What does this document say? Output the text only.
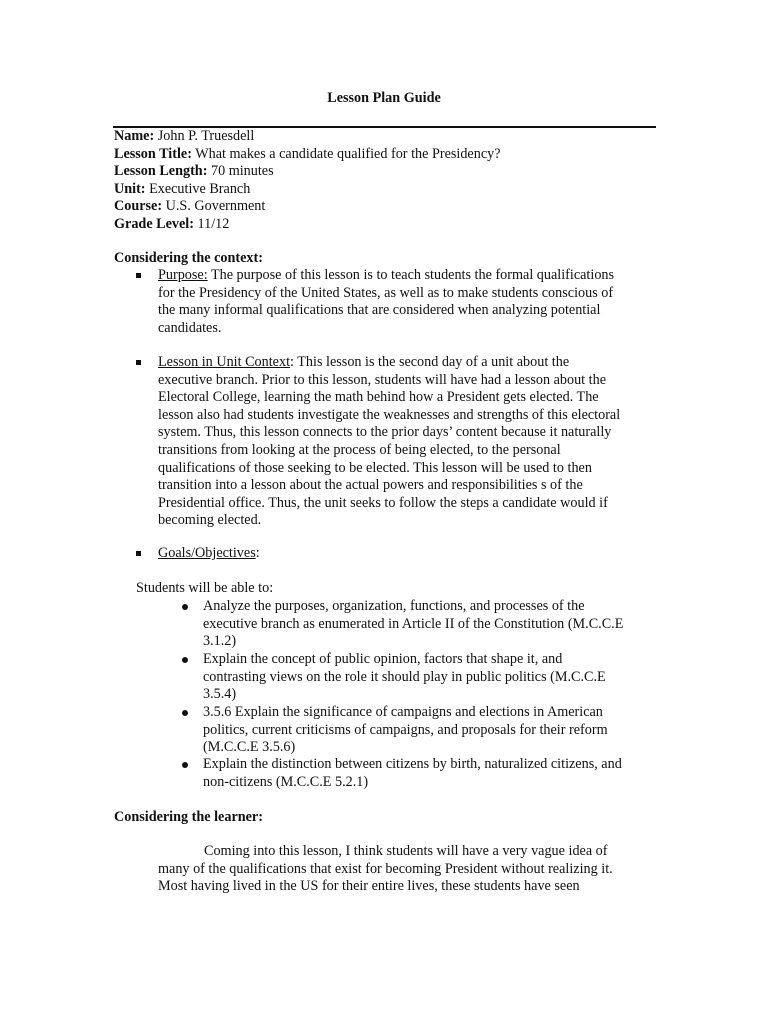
Lesson Plan Guide
Name: John P. Truesdell
Lesson Title: What makes a candidate qualified for the Presidency?
Lesson Length: 70 minutes
Unit: Executive Branch
Course: U.S. Government
Grade Level: 11/12
Considering the context:
Purpose: The purpose of this lesson is to teach students the formal qualifications
for the Presidency of the United States, as well as to make students conscious of
the many informal qualifications that are considered when analyzing potential
candidates.
Lesson in Unit Context: This lesson is the second day of a unit about the
executive branch. Prior to this lesson, students will have had a lesson about the
Electoral College, learning the math behind how a President gets elected. The
lesson also had students investigate the weaknesses and strengths of this electoral
system. Thus, this lesson connects to the prior days’ content because it naturally
transitions from looking at the process of being elected, to the personal
qualifications of those seeking to be elected. This lesson will be used to then
transition into a lesson about the actual powers and responsibilities s of the
Presidential office. Thus, the unit seeks to follow the steps a candidate would if
becoming elected.
Goals/Objectives:
Students will be able to:
Analyze the purposes, organization, functions, and processes of the
executive branch as enumerated in Article II of the Constitution (M.C.C.E
3.1.2)
Explain the concept of public opinion, factors that shape it, and
contrasting views on the role it should play in public politics (M.C.C.E
3.5.4)
3.5.6 Explain the significance of campaigns and elections in American
politics, current criticisms of campaigns, and proposals for their reform
(M.C.C.E 3.5.6)
Explain the distinction between citizens by birth, naturalized citizens, and
non-citizens (M.C.C.E 5.2.1)
Considering the learner:
Coming into this lesson, I think students will have a very vague idea of
many of the qualifications that exist for becoming President without realizing it.
Most having lived in the US for their entire lives, these students have seen
